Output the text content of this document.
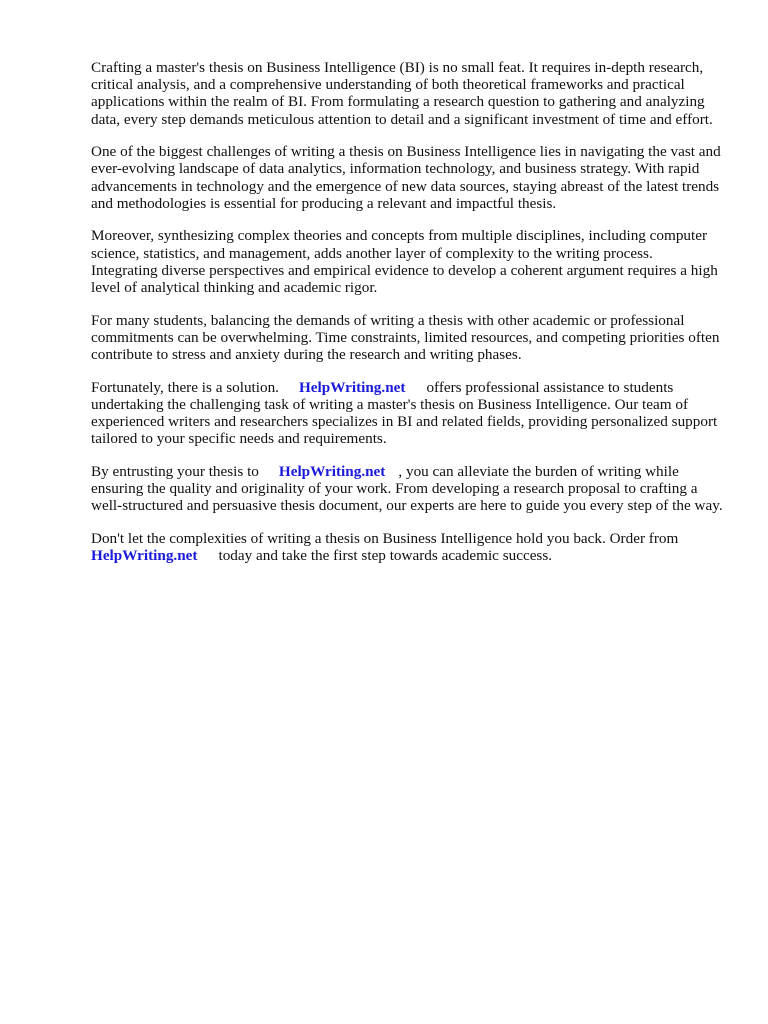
Crafting a master's thesis on Business Intelligence (BI) is no small feat. It requires in-depth research, critical analysis, and a comprehensive understanding of both theoretical frameworks and practical applications within the realm of BI. From formulating a research question to gathering and analyzing data, every step demands meticulous attention to detail and a significant investment of time and effort.

One of the biggest challenges of writing a thesis on Business Intelligence lies in navigating the vast and ever-evolving landscape of data analytics, information technology, and business strategy. With rapid advancements in technology and the emergence of new data sources, staying abreast of the latest trends and methodologies is essential for producing a relevant and impactful thesis.

Moreover, synthesizing complex theories and concepts from multiple disciplines, including computer science, statistics, and management, adds another layer of complexity to the writing process. Integrating diverse perspectives and empirical evidence to develop a coherent argument requires a high level of analytical thinking and academic rigor.

For many students, balancing the demands of writing a thesis with other academic or professional commitments can be overwhelming. Time constraints, limited resources, and competing priorities often contribute to stress and anxiety during the research and writing phases.

Fortunately, there is a solution. HelpWriting.net offers professional assistance to students undertaking the challenging task of writing a master's thesis on Business Intelligence. Our team of experienced writers and researchers specializes in BI and related fields, providing personalized support tailored to your specific needs and requirements.

By entrusting your thesis to HelpWriting.net , you can alleviate the burden of writing while ensuring the quality and originality of your work. From developing a research proposal to crafting a well-structured and persuasive thesis document, our experts are here to guide you every step of the way.

Don't let the complexities of writing a thesis on Business Intelligence hold you back. Order from HelpWriting.net today and take the first step towards academic success.
